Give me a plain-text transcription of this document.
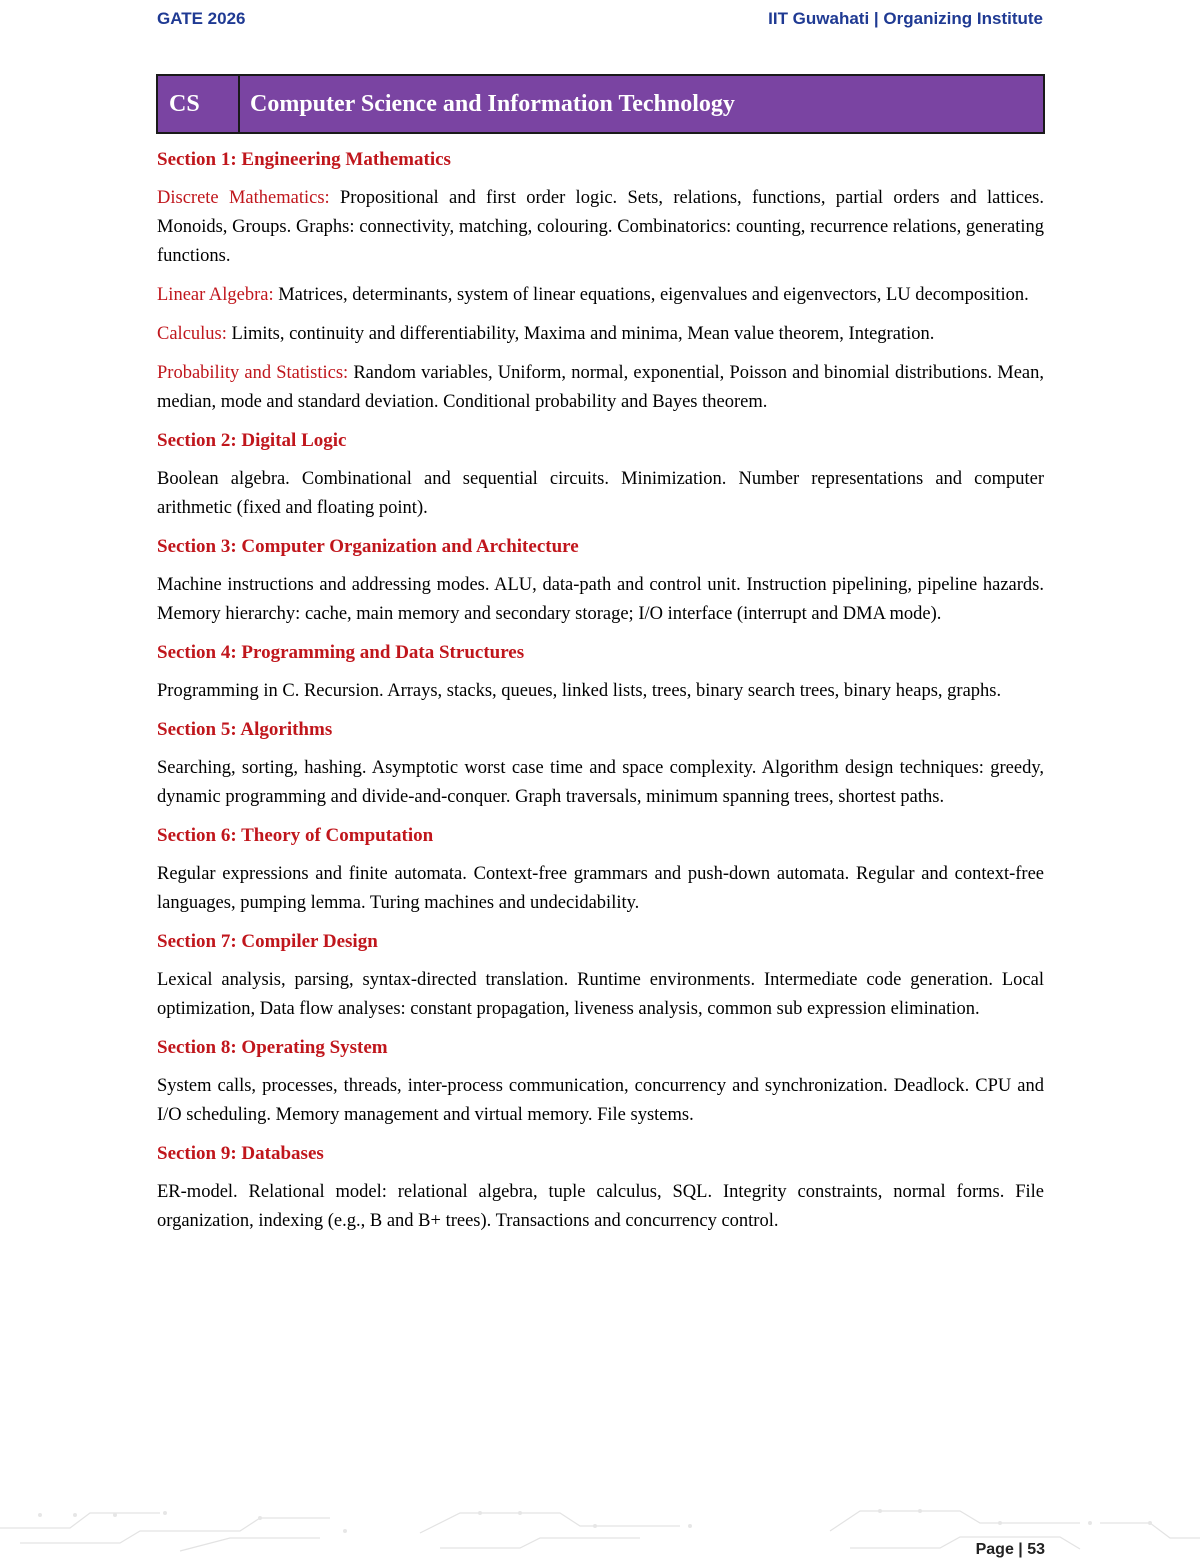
GATE 2026	IIT Guwahati | Organizing Institute
CS	Computer Science and Information Technology
Section 1: Engineering Mathematics
Discrete Mathematics: Propositional and first order logic. Sets, relations, functions, partial orders and lattices. Monoids, Groups. Graphs: connectivity, matching, colouring. Combinatorics: counting, recurrence relations, generating functions.
Linear Algebra: Matrices, determinants, system of linear equations, eigenvalues and eigenvectors, LU decomposition.
Calculus: Limits, continuity and differentiability, Maxima and minima, Mean value theorem, Integration.
Probability and Statistics: Random variables, Uniform, normal, exponential, Poisson and binomial distributions. Mean, median, mode and standard deviation. Conditional probability and Bayes theorem.
Section 2: Digital Logic
Boolean algebra. Combinational and sequential circuits. Minimization. Number representations and computer arithmetic (fixed and floating point).
Section 3: Computer Organization and Architecture
Machine instructions and addressing modes. ALU, data-path and control unit. Instruction pipelining, pipeline hazards. Memory hierarchy: cache, main memory and secondary storage; I/O interface (interrupt and DMA mode).
Section 4: Programming and Data Structures
Programming in C. Recursion. Arrays, stacks, queues, linked lists, trees, binary search trees, binary heaps, graphs.
Section 5: Algorithms
Searching, sorting, hashing. Asymptotic worst case time and space complexity. Algorithm design techniques: greedy, dynamic programming and divide-and-conquer. Graph traversals, minimum spanning trees, shortest paths.
Section 6: Theory of Computation
Regular expressions and finite automata. Context-free grammars and push-down automata. Regular and context-free languages, pumping lemma. Turing machines and undecidability.
Section 7: Compiler Design
Lexical analysis, parsing, syntax-directed translation. Runtime environments. Intermediate code generation. Local optimization, Data flow analyses: constant propagation, liveness analysis, common sub expression elimination.
Section 8: Operating System
System calls, processes, threads, inter-process communication, concurrency and synchronization. Deadlock. CPU and I/O scheduling. Memory management and virtual memory. File systems.
Section 9: Databases
ER-model. Relational model: relational algebra, tuple calculus, SQL. Integrity constraints, normal forms. File organization, indexing (e.g., B and B+ trees). Transactions and concurrency control.
Page | 53
